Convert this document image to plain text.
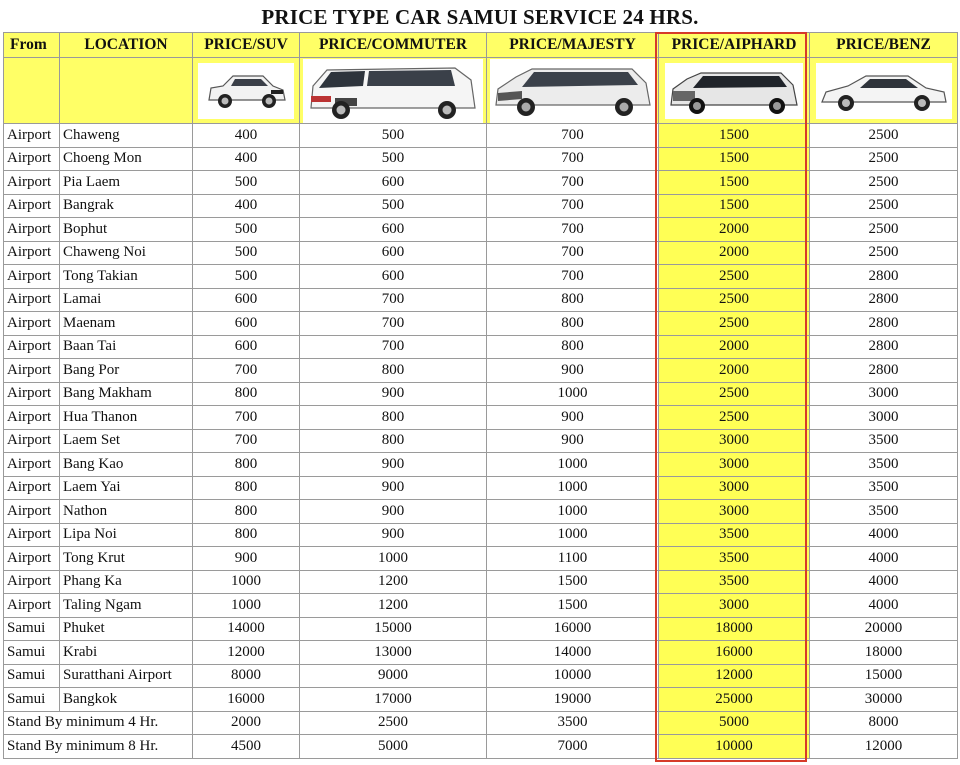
PRICE TYPE CAR SAMUI SERVICE 24 HRS.
From	LOCATION	PRICE/SUV	PRICE/COMMUTER	PRICE/MAJESTY	PRICE/AIPHARD	PRICE/BENZ

Airport	Chaweng	400	500	700	1500	2500
Airport	Choeng Mon	400	500	700	1500	2500
Airport	Pia Laem	500	600	700	1500	2500
Airport	Bangrak	400	500	700	1500	2500
Airport	Bophut	500	600	700	2000	2500
Airport	Chaweng Noi	500	600	700	2000	2500
Airport	Tong Takian	500	600	700	2500	2800
Airport	Lamai	600	700	800	2500	2800
Airport	Maenam	600	700	800	2500	2800
Airport	Baan Tai	600	700	800	2000	2800
Airport	Bang Por	700	800	900	2000	2800
Airport	Bang Makham	800	900	1000	2500	3000
Airport	Hua Thanon	700	800	900	2500	3000
Airport	Laem Set	700	800	900	3000	3500
Airport	Bang Kao	800	900	1000	3000	3500
Airport	Laem Yai	800	900	1000	3000	3500
Airport	Nathon	800	900	1000	3000	3500
Airport	Lipa Noi	800	900	1000	3500	4000
Airport	Tong Krut	900	1000	1100	3500	4000
Airport	Phang Ka	1000	1200	1500	3500	4000
Airport	Taling Ngam	1000	1200	1500	3000	4000
Samui	Phuket	14000	15000	16000	18000	20000
Samui	Krabi	12000	13000	14000	16000	18000
Samui	Suratthani Airport	8000	9000	10000	12000	15000
Samui	Bangkok	16000	17000	19000	25000	30000
Stand By minimum 4 Hr.		2000	2500	3500	5000	8000
Stand By minimum 8 Hr.		4500	5000	7000	10000	12000
